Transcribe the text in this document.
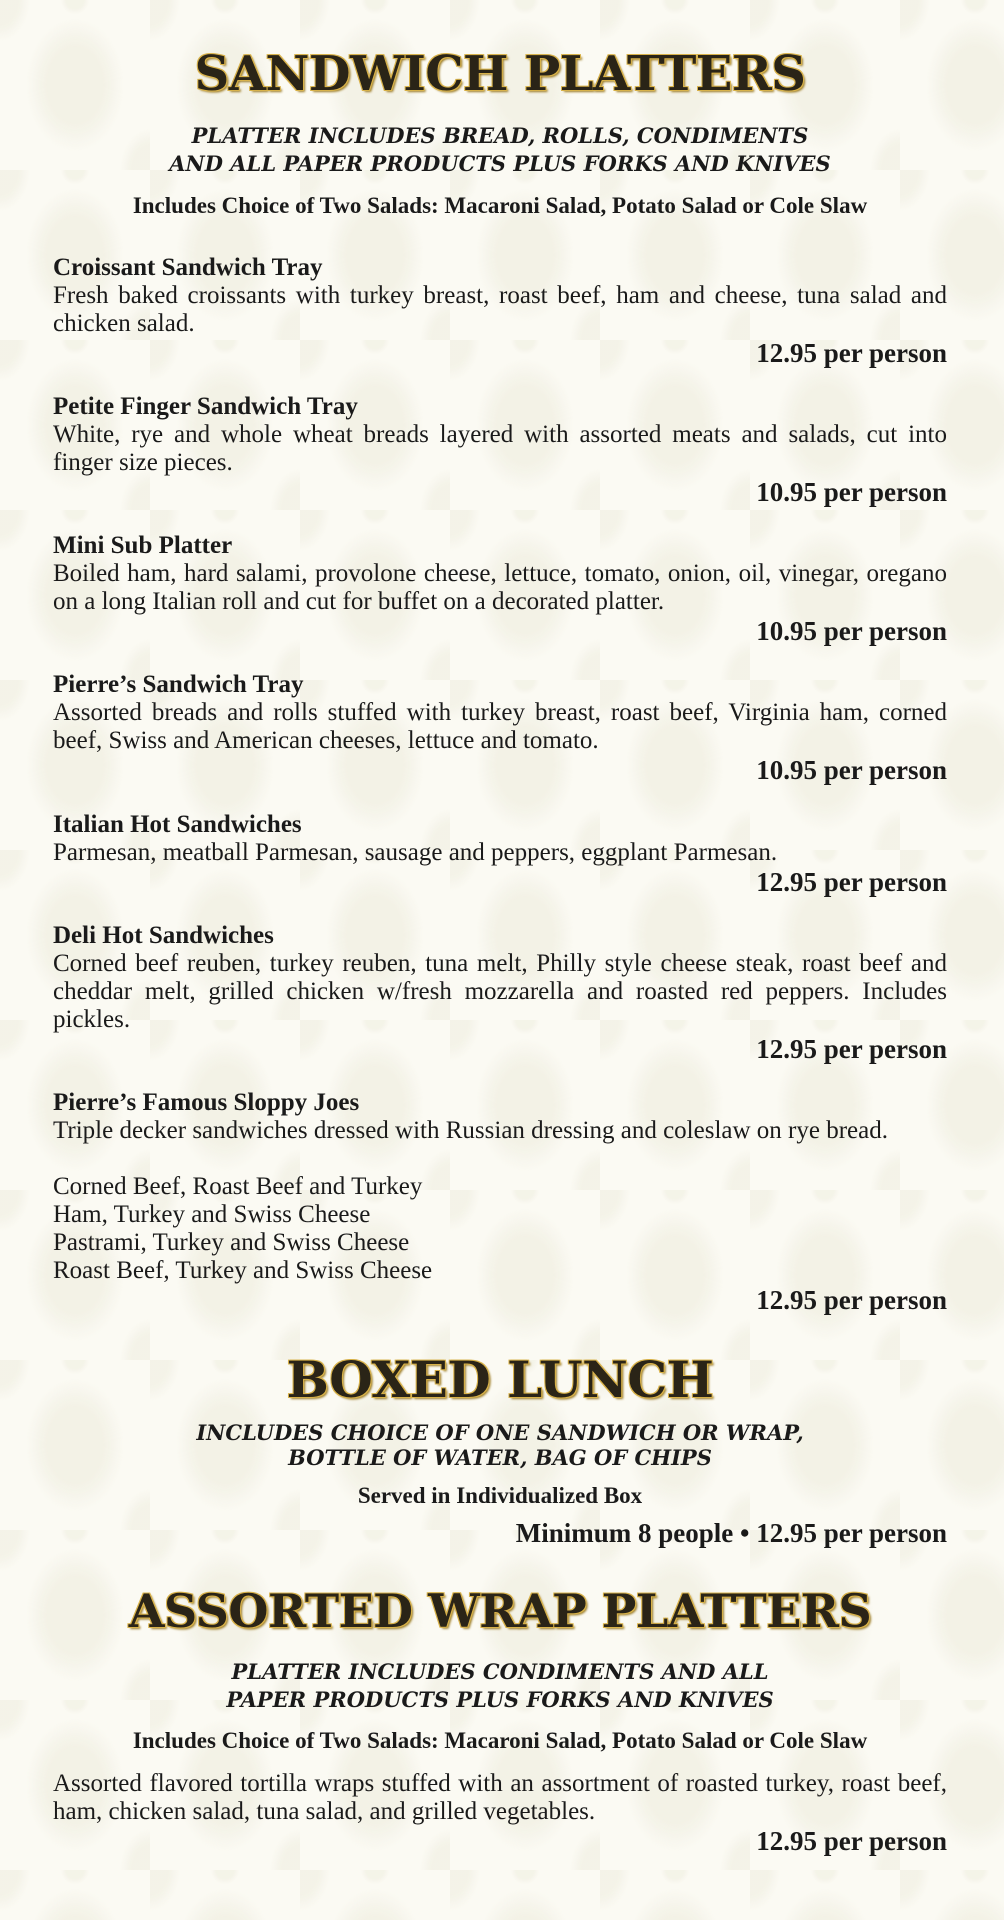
SANDWICH PLATTERS

PLATTER INCLUDES BREAD, ROLLS, CONDIMENTS

AND ALL PAPER PRODUCTS PLUS FORKS AND KNIVES

Includes Choice of Two Salads: Macaroni Salad, Potato Salad or Cole Slaw

Croissant Sandwich Tray
Fresh baked croissants with turkey breast, roast beef, ham and cheese, tuna salad and chicken salad.
12.95 per person
Petite Finger Sandwich Tray
White, rye and whole wheat breads layered with assorted meats and salads, cut into finger size pieces.
10.95 per person
Mini Sub Platter
Boiled ham, hard salami, provolone cheese, lettuce, tomato, onion, oil, vinegar, oregano on a long Italian roll and cut for buffet on a decorated platter.
10.95 per person
Pierre’s Sandwich Tray
Assorted breads and rolls stuffed with turkey breast, roast beef, Virginia ham, corned beef, Swiss and American cheeses, lettuce and tomato.
10.95 per person
Italian Hot Sandwiches
Parmesan, meatball Parmesan, sausage and peppers, eggplant Parmesan.
12.95 per person
Deli Hot Sandwiches
Corned beef reuben, turkey reuben, tuna melt, Philly style cheese steak, roast beef and cheddar melt, grilled chicken w/fresh mozzarella and roasted red peppers. Includes pickles.
12.95 per person
Pierre’s Famous Sloppy Joes
Triple decker sandwiches dressed with Russian dressing and coleslaw on rye bread.
Corned Beef, Roast Beef and Turkey
Ham, Turkey and Swiss Cheese
Pastrami, Turkey and Swiss Cheese
Roast Beef, Turkey and Swiss Cheese
12.95 per person
BOXED LUNCH

INCLUDES CHOICE OF ONE SANDWICH OR WRAP,

BOTTLE OF WATER, BAG OF CHIPS

Served in Individualized Box

Minimum 8 people • 12.95 per person
ASSORTED WRAP PLATTERS

PLATTER INCLUDES CONDIMENTS AND ALL

PAPER PRODUCTS PLUS FORKS AND KNIVES

Includes Choice of Two Salads: Macaroni Salad, Potato Salad or Cole Slaw

Assorted flavored tortilla wraps stuffed with an assortment of roasted turkey, roast beef, ham, chicken salad, tuna salad, and grilled vegetables.
12.95 per person
